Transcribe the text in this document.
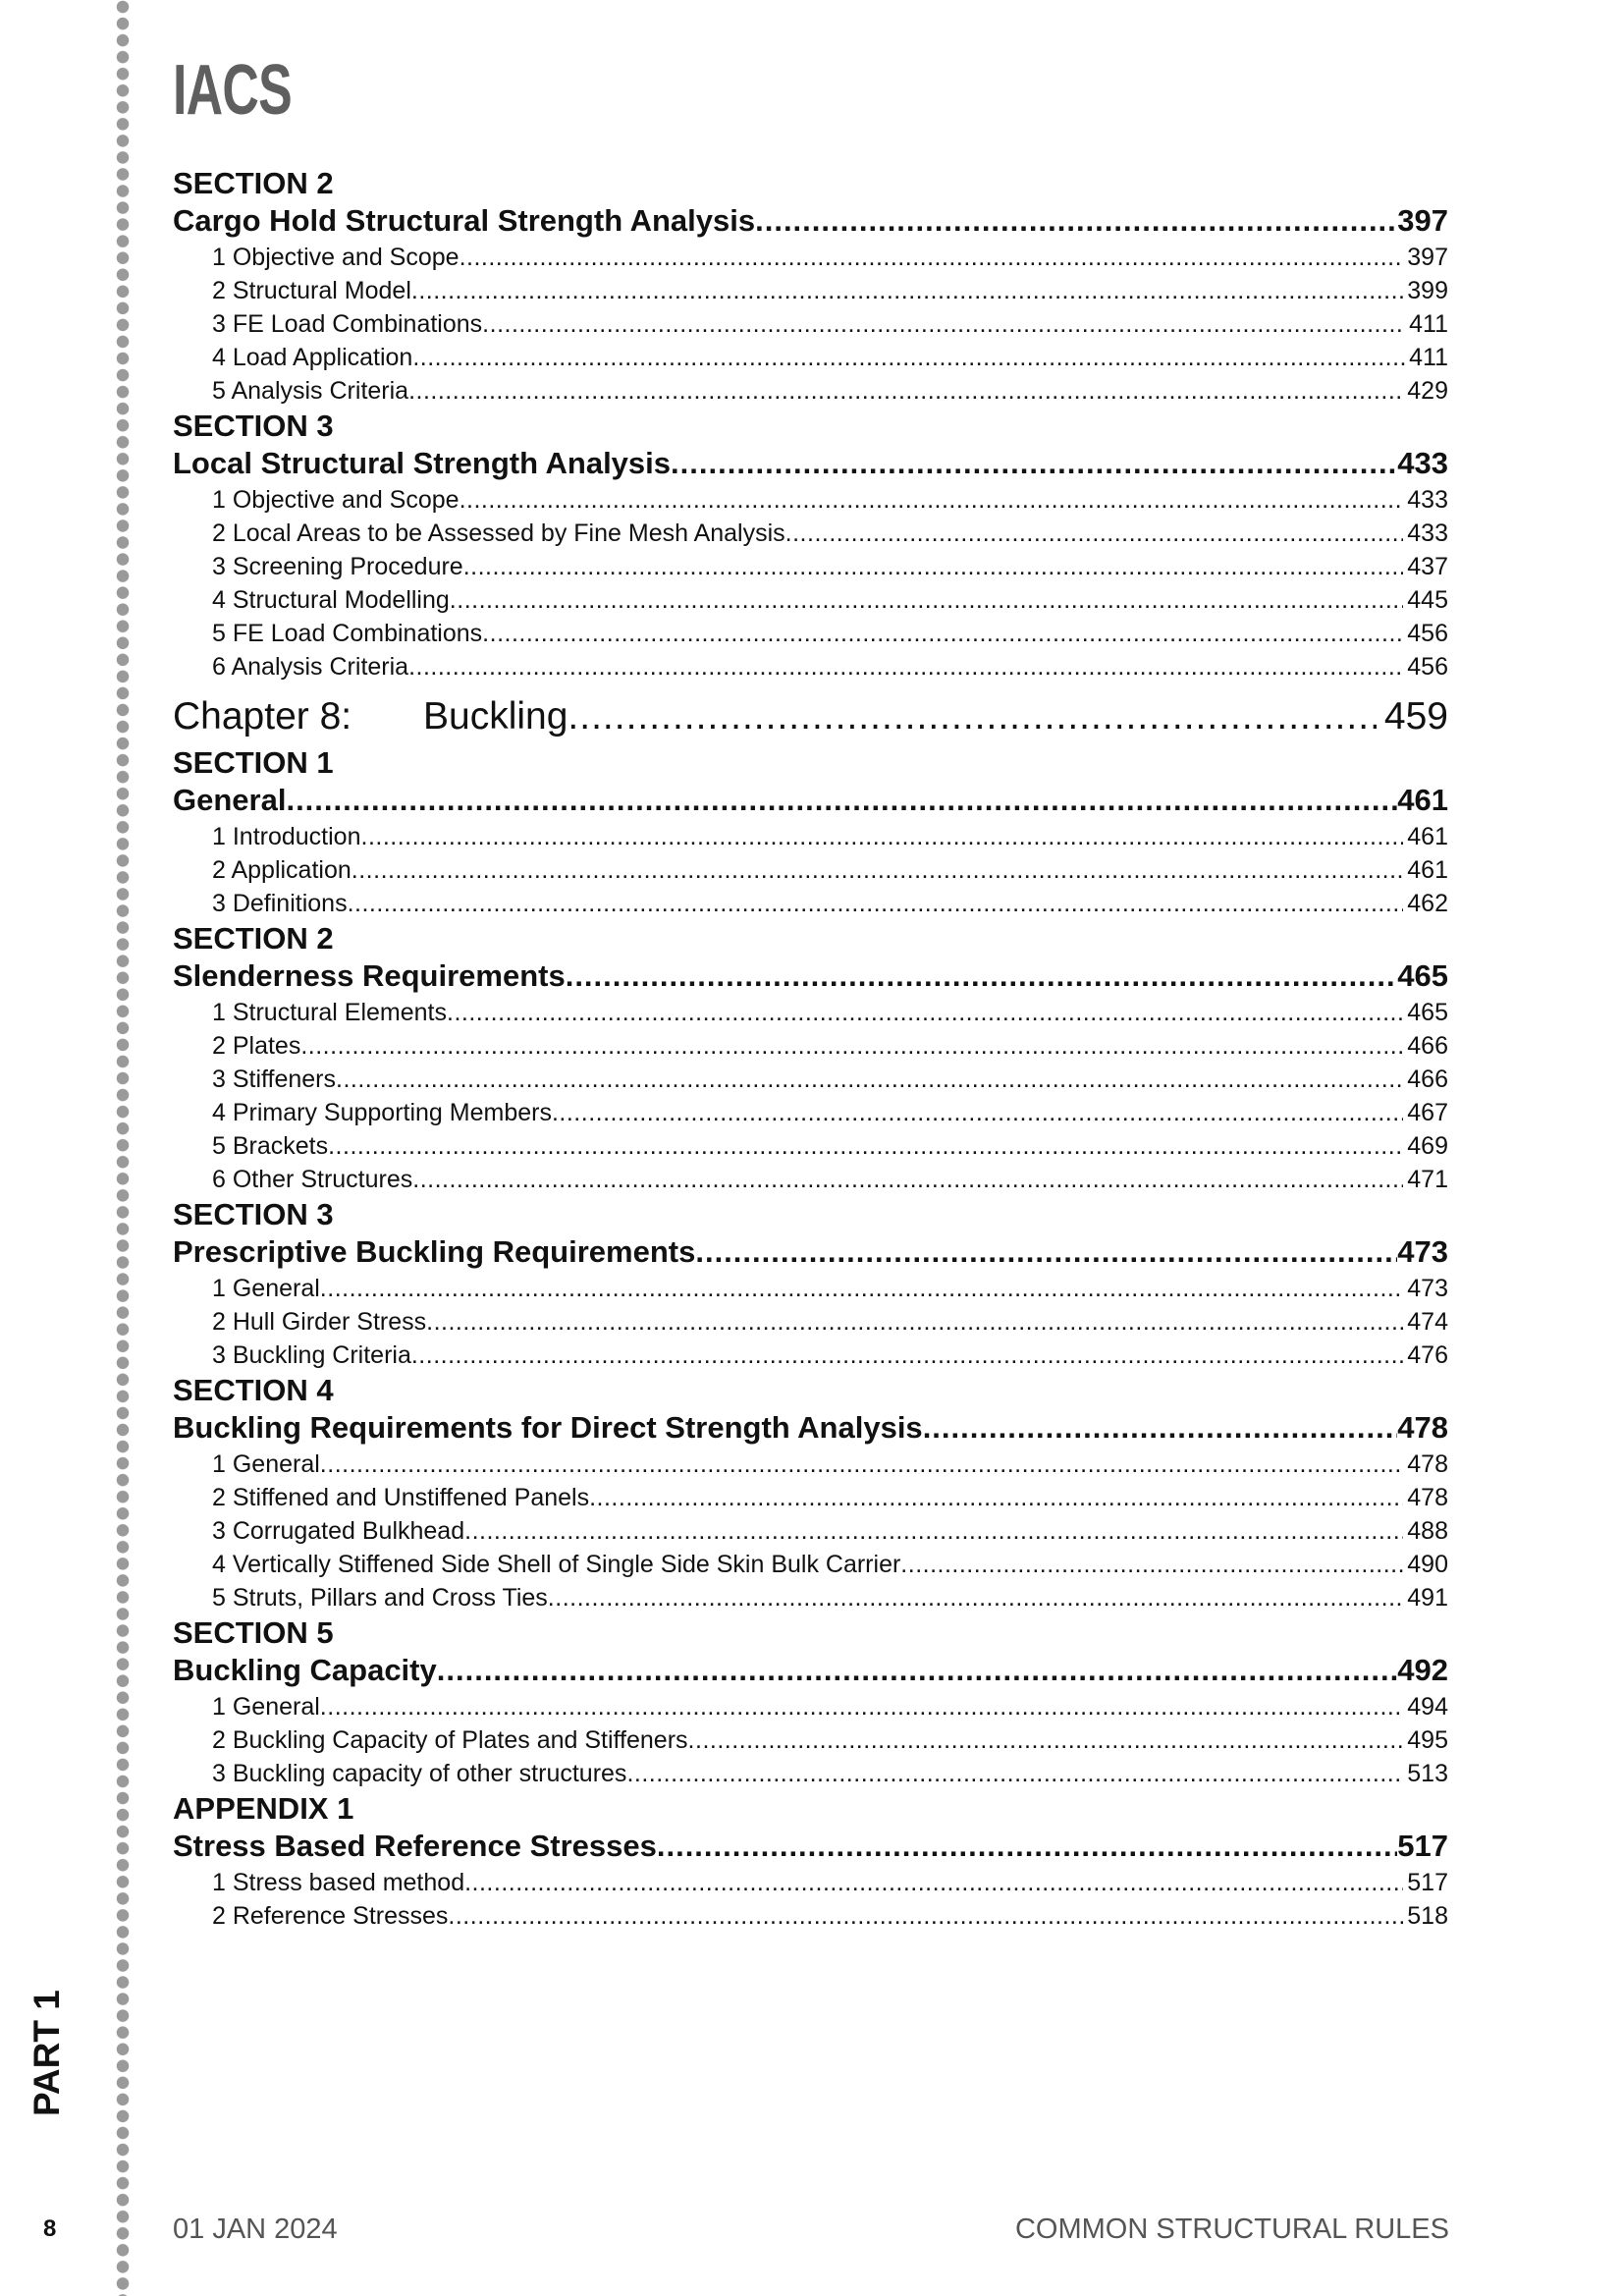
IACS
SECTION 2
Cargo Hold Structural Strength Analysis .....	397
1 Objective and Scope .....	397
2 Structural Model .....	399
3 FE Load Combinations .....	411
4 Load Application .....	411
5 Analysis Criteria .....	429
SECTION 3
Local Structural Strength Analysis .....	433
1 Objective and Scope .....	433
2 Local Areas to be Assessed by Fine Mesh Analysis .....	433
3 Screening Procedure .....	437
4 Structural Modelling .....	445
5 FE Load Combinations .....	456
6 Analysis Criteria .....	456
Chapter 8:	Buckling .....	459
SECTION 1
General .....	461
1 Introduction .....	461
2 Application .....	461
3 Definitions .....	462
SECTION 2
Slenderness Requirements .....	465
1 Structural Elements .....	465
2 Plates .....	466
3 Stiffeners .....	466
4 Primary Supporting Members .....	467
5 Brackets .....	469
6 Other Structures .....	471
SECTION 3
Prescriptive Buckling Requirements .....	473
1 General .....	473
2 Hull Girder Stress .....	474
3 Buckling Criteria .....	476
SECTION 4
Buckling Requirements for Direct Strength Analysis .....	478
1 General .....	478
2 Stiffened and Unstiffened Panels .....	478
3 Corrugated Bulkhead .....	488
4 Vertically Stiffened Side Shell of Single Side Skin Bulk Carrier .....	490
5 Struts, Pillars and Cross Ties .....	491
SECTION 5
Buckling Capacity .....	492
1 General .....	494
2 Buckling Capacity of Plates and Stiffeners .....	495
3 Buckling capacity of other structures .....	513
APPENDIX 1
Stress Based Reference Stresses .....	517
1 Stress based method .....	517
2 Reference Stresses .....	518
PART 1
8	01 JAN 2024	COMMON STRUCTURAL RULES
